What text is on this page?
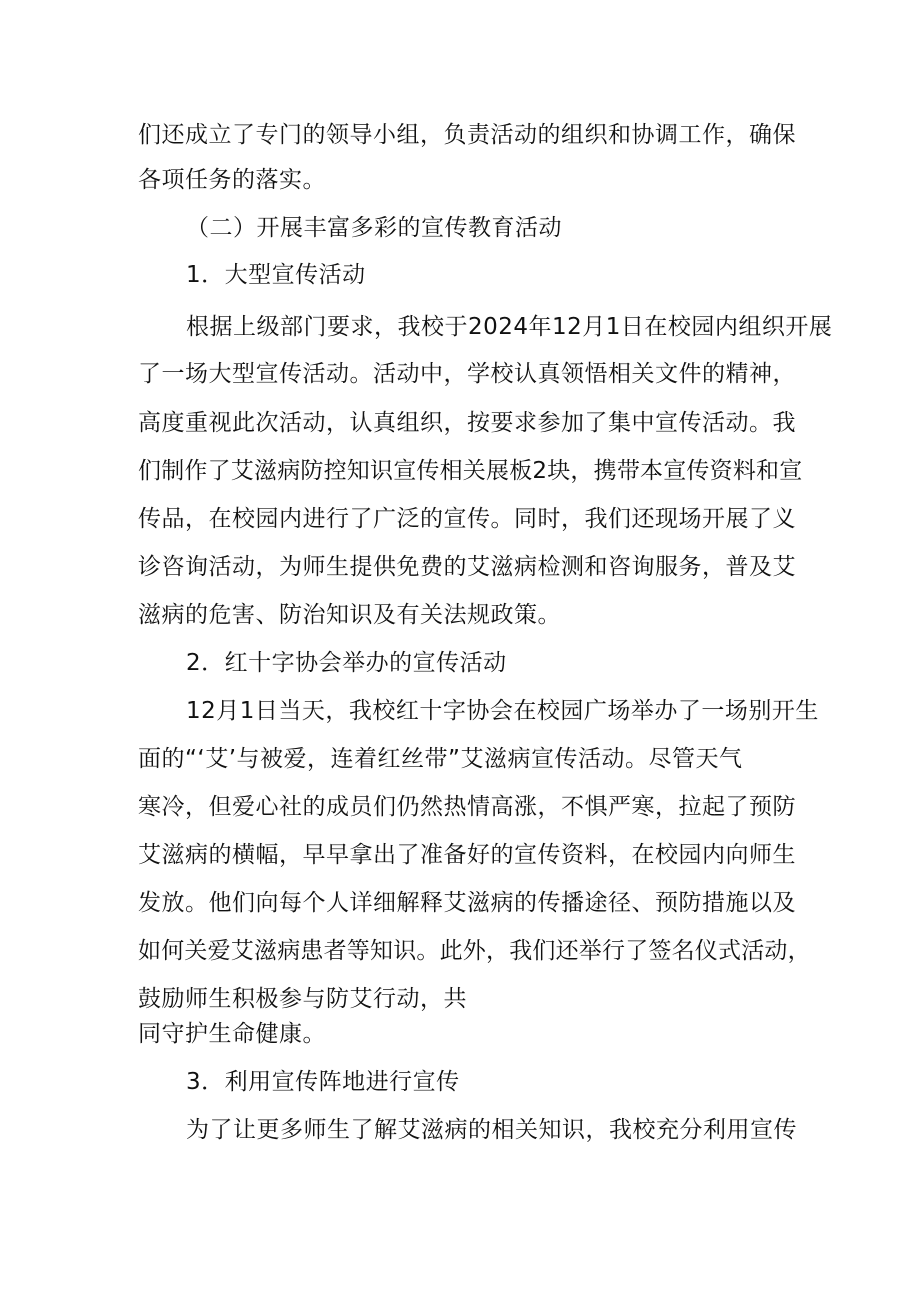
们还成立了专门的领导小组，负责活动的组织和协调工作，确保

各项任务的落实。

（二）开展丰富多彩的宣传教育活动

1．大型宣传活动

根据上级部门要求，我校于2024年12月1日在校园内组织开展

了一场大型宣传活动。活动中，学校认真领悟相关文件的精神，

高度重视此次活动，认真组织，按要求参加了集中宣传活动。我

们制作了艾滋病防控知识宣传相关展板2块，携带本宣传资料和宣

传品，在校园内进行了广泛的宣传。同时，我们还现场开展了义

诊咨询活动，为师生提供免费的艾滋病检测和咨询服务，普及艾

滋病的危害、防治知识及有关法规政策。

2．红十字协会举办的宣传活动

12月1日当天，我校红十字协会在校园广场举办了一场别开生

面的“‘艾’与被爱，连着红丝带”艾滋病宣传活动。尽管天气

寒冷，但爱心社的成员们仍然热情高涨，不惧严寒，拉起了预防

艾滋病的横幅，早早拿出了准备好的宣传资料，在校园内向师生

发放。他们向每个人详细解释艾滋病的传播途径、预防措施以及

如何关爱艾滋病患者等知识。此外，我们还举行了签名仪式活动，

鼓励师生积极参与防艾行动，共

同守护生命健康。

3．利用宣传阵地进行宣传

为了让更多师生了解艾滋病的相关知识，我校充分利用宣传
